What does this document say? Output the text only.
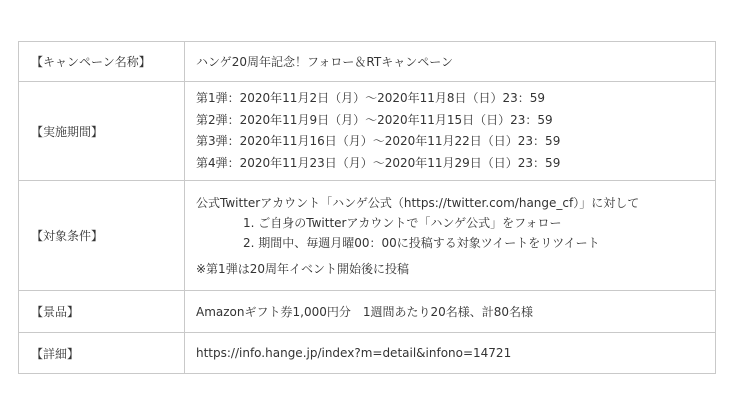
【キャンペーン名称】	ハンゲ20周年記念！フォロー＆RTキャンペーン
【実施期間】	第1弾：2020年11月2日（月）～2020年11月8日（日）23：59
第2弾：2020年11月9日（月）～2020年11月15日（日）23：59
第3弾：2020年11月16日（月）～2020年11月22日（日）23：59
第4弾：2020年11月23日（月）～2020年11月29日（日）23：59

【対象条件】	公式Twitterアカウント「ハンゲ公式（https://twitter.com/hange_cf）」に対して
1. ご自身のTwitterアカウントで「ハンゲ公式」をフォロー
2. 期間中、毎週月曜00：00に投稿する対象ツイートをリツイート
※第1弾は20周年イベント開始後に投稿

【景品】	Amazonギフト券1,000円分　1週間あたり20名様、計80名様
【詳細】	https://info.hange.jp/index?m=detail&infono=14721
